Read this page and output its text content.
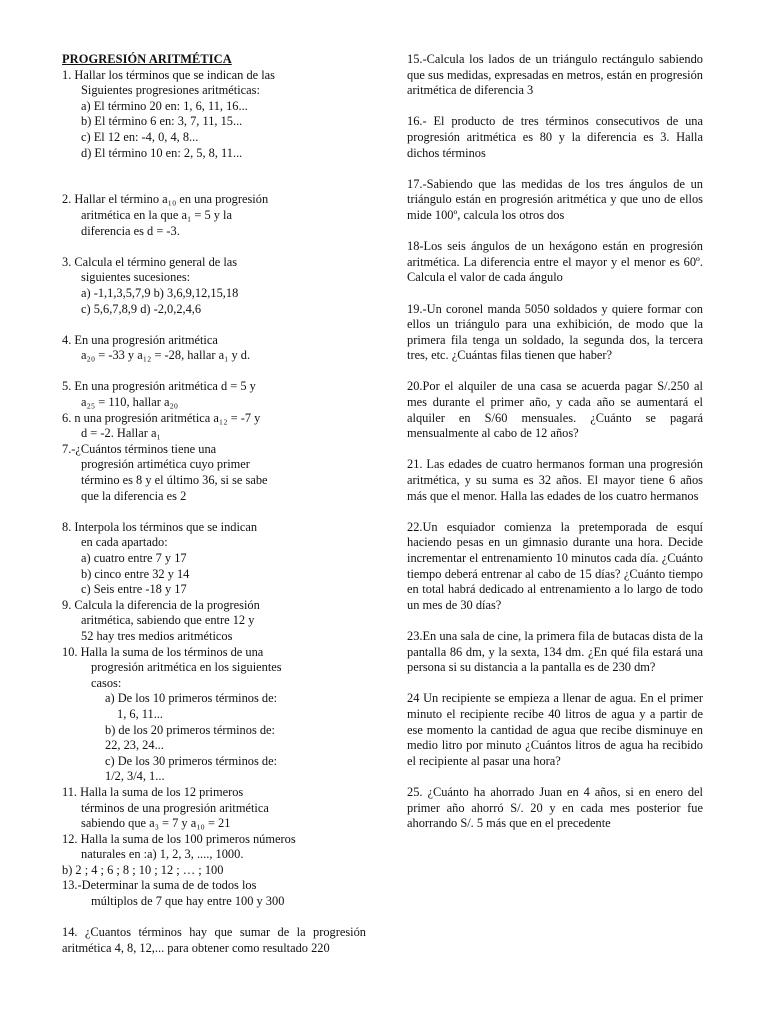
PROGRESIÓN ARITMÉTICA
1. Hallar los términos que se indican de las
Siguientes progresiones aritméticas:
a) El término 20 en: 1, 6, 11, 16...
b) El término 6 en: 3, 7, 11, 15...
c) El 12 en: -4, 0, 4, 8...
d) El término 10 en: 2, 5, 8, 11...
2. Hallar el término a₁₀ en una progresión
aritmética en la que a₁ = 5 y la
diferencia es d = -3.
3. Calcula el término general de las
siguientes sucesiones:
a) -1,1,3,5,7,9 b) 3,6,9,12,15,18
c) 5,6,7,8,9 d) -2,0,2,4,6
4. En una progresión aritmética
a₂₀ = -33 y a₁₂ = -28, hallar a₁ y d.
5. En una progresión aritmética d = 5 y
a₂₅ = 110, hallar a₂₀
6. n una progresión aritmética a₁₂ = -7 y
d = -2. Hallar a₁
7.-¿Cuántos términos tiene una
progresión artimética cuyo primer
término es 8 y el último 36, si se sabe
que la diferencia es 2
8. Interpola los términos que se indican
en cada apartado:
a) cuatro entre 7 y 17
b) cinco entre 32 y 14
c) Seis entre -18 y 17
9. Calcula la diferencia de la progresión
aritmética, sabiendo que entre 12 y
52 hay tres medios aritméticos
10. Halla la suma de los términos de una
progresión aritmética en los siguientes
casos:
a) De los 10 primeros términos de:
1, 6, 11...
b) de los 20 primeros términos de:
22, 23, 24...
c) De los 30 primeros términos de:
1/2, 3/4, 1...
11. Halla la suma de los 12 primeros
términos de una progresión aritmética
sabiendo que a₃ = 7 y a₁₀ = 21
12. Halla la suma de los 100 primeros números
naturales en :a) 1, 2, 3, ...., 1000.
b) 2 ; 4 ; 6 ; 8 ; 10 ; 12 ; … ; 100
13.-Determinar la suma de de todos los
múltiplos de 7 que hay entre 100 y 300
14. ¿Cuantos términos hay que sumar de la progresión aritmética 4, 8, 12,... para obtener como resultado 220
15.-Calcula los lados de un triángulo rectángulo sabiendo que sus medidas, expresadas en metros, están en progresión aritmética de diferencia 3
16.- El producto de tres términos consecutivos de una progresión aritmética es 80 y la diferencia es 3. Halla dichos términos
17.-Sabiendo que las medidas de los tres ángulos de un triángulo están en progresión aritmética y que uno de ellos mide 100º, calcula los otros dos
18-Los seis ángulos de un hexágono están en progresión aritmética. La diferencia entre el mayor y el menor es 60º. Calcula el valor de cada ángulo
19.-Un coronel manda 5050 soldados y quiere formar con ellos un triángulo para una exhibición, de modo que la primera fila tenga un soldado, la segunda dos, la tercera tres, etc. ¿Cuántas filas tienen que haber?
20.Por el alquiler de una casa se acuerda pagar S/.250 al mes durante el primer año, y cada año se aumentará el alquiler en S/60 mensuales. ¿Cuánto se pagará mensualmente al cabo de 12 años?
21. Las edades de cuatro hermanos forman una progresión aritmética, y su suma es 32 años. El mayor tiene 6 años más que el menor. Halla las edades de los cuatro hermanos
22.Un esquiador comienza la pretemporada de esquí haciendo pesas en un gimnasio durante una hora. Decide incrementar el entrenamiento 10 minutos cada día. ¿Cuánto tiempo deberá entrenar al cabo de 15 días? ¿Cuánto tiempo en total habrá dedicado al entrenamiento a lo largo de todo un mes de 30 días?
23.En una sala de cine, la primera fila de butacas dista de la pantalla 86 dm, y la sexta, 134 dm. ¿En qué fila estará una persona si su distancia a la pantalla es de 230 dm?
24 Un recipiente se empieza a llenar de agua. En el primer minuto el recipiente recibe 40 litros de agua y a partir de ese momento la cantidad de agua que recibe disminuye en medio litro por minuto ¿Cuántos litros de agua ha recibido el recipiente al pasar una hora?
25. ¿Cuánto ha ahorrado Juan en 4 años, si en enero del primer año ahorró S/. 20 y en cada mes posterior fue ahorrando S/. 5 más que en el precedente
